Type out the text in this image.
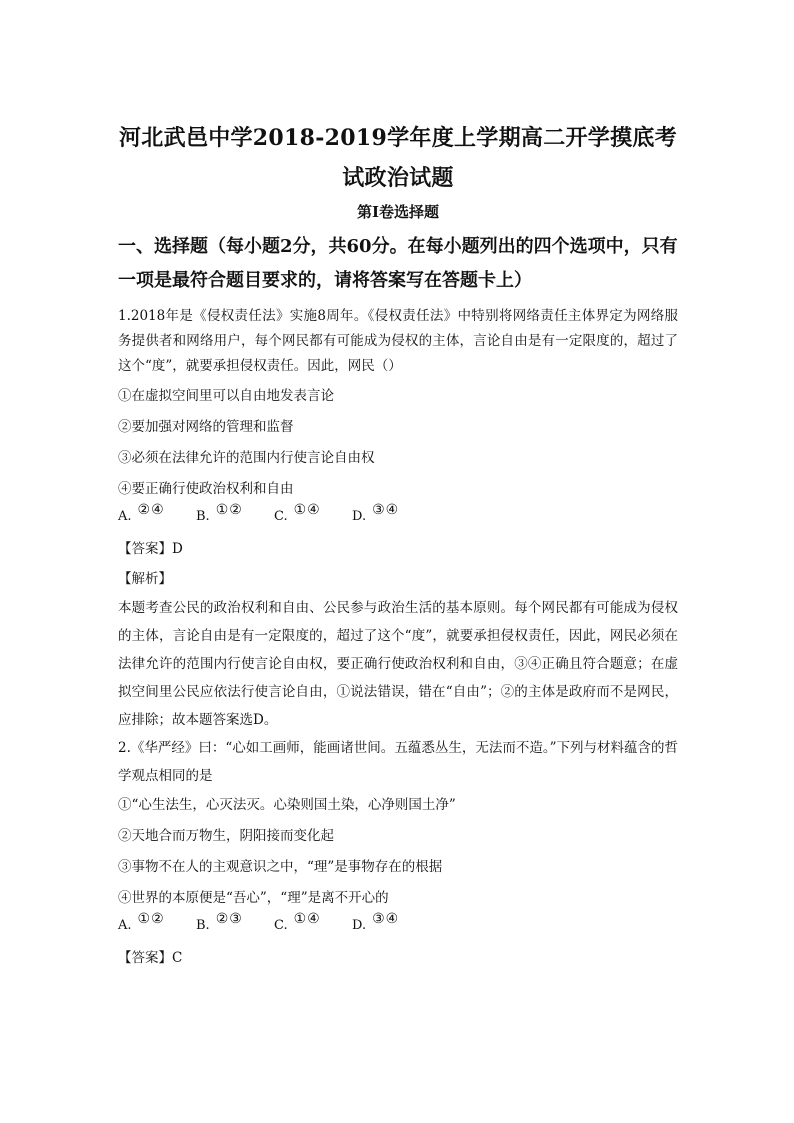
河北武邑中学2018-2019学年度上学期高二开学摸底考试政治试题
第Ⅰ卷选择题
一、选择题（每小题2分，共60分。在每小题列出的四个选项中，只有一项是最符合题目要求的，请将答案写在答题卡上）

1.2018年是《侵权责任法》实施8周年。《侵权责任法》中特别将网络责任主体界定为网络服务提供者和网络用户，每个网民都有可能成为侵权的主体，言论自由是有一定限度的，超过了这个“度”，就要承担侵权责任。因此，网民（）

①在虚拟空间里可以自由地发表言论

②要加强对网络的管理和监督

③必须在法律允许的范围内行使言论自由权

④要正确行使政治权利和自由

A. ②④ B. ①② C. ①④ D. ③④

【答案】D

【解析】

本题考查公民的政治权利和自由、公民参与政治生活的基本原则。每个网民都有可能成为侵权的主体，言论自由是有一定限度的，超过了这个“度”，就要承担侵权责任，因此，网民必须在法律允许的范围内行使言论自由权，要正确行使政治权利和自由，③④正确且符合题意；在虚拟空间里公民应依法行使言论自由，①说法错误，错在“自由”；②的主体是政府而不是网民，应排除；故本题答案选D。

2.《华严经》曰：“心如工画师，能画诸世间。五蕴悉丛生，无法而不造。”下列与材料蕴含的哲学观点相同的是

①“心生法生，心灭法灭。心染则国土染，心净则国土净”

②天地合而万物生，阴阳接而变化起

③事物不在人的主观意识之中，“理”是事物存在的根据

④世界的本原便是“吾心”，“理”是离不开心的

A. ①② B. ②③ C. ①④ D. ③④

【答案】C
